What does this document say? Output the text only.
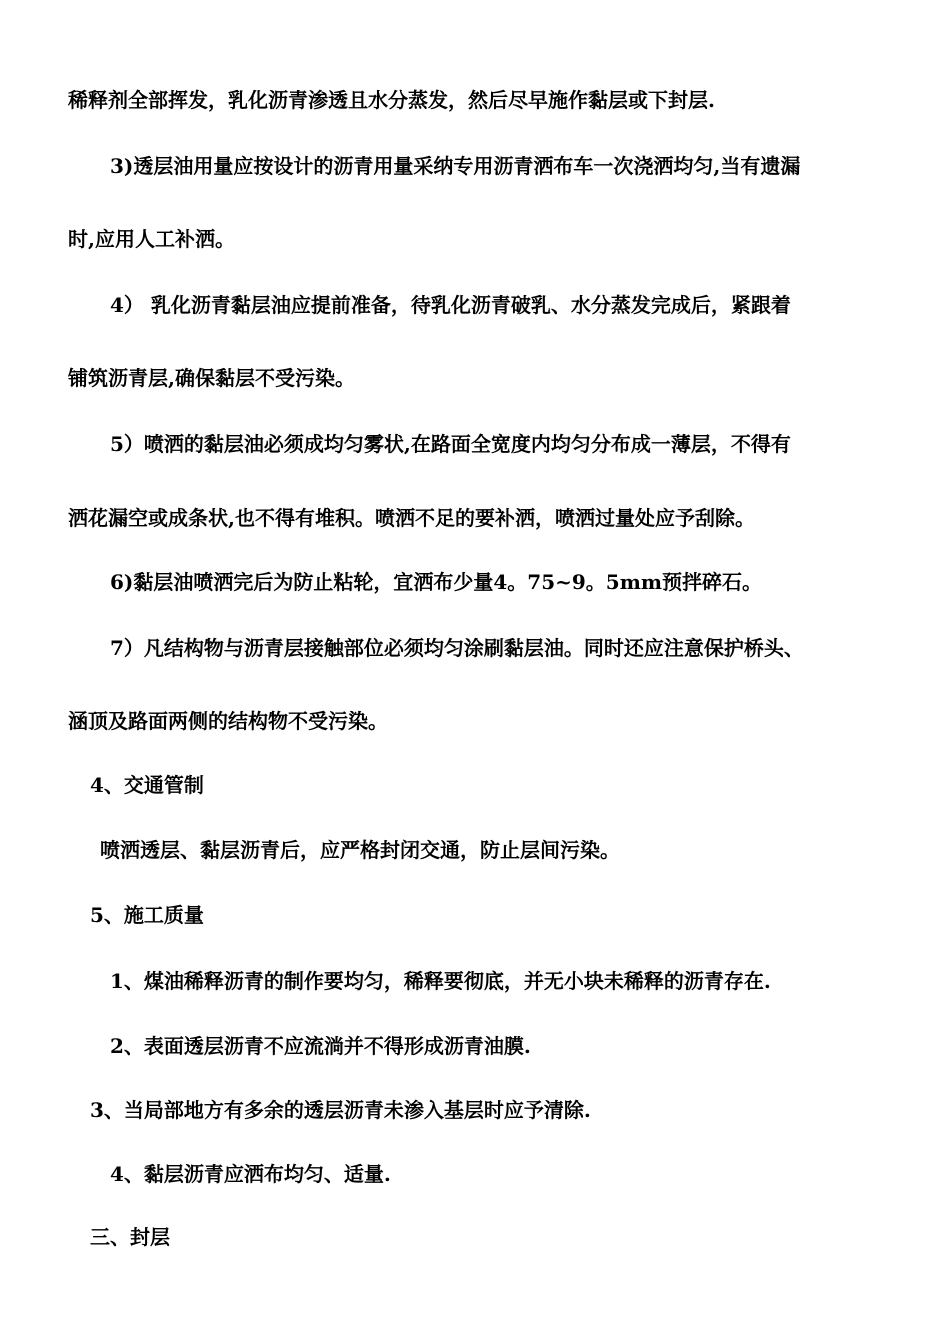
稀释剂全部挥发，乳化沥青渗透且水分蒸发，然后尽早施作黏层或下封层.
3)透层油用量应按设计的沥青用量采纳专用沥青洒布车一次浇洒均匀,当有遗漏
时,应用人工补洒。
4） 乳化沥青黏层油应提前准备，待乳化沥青破乳、水分蒸发完成后，紧跟着
铺筑沥青层,确保黏层不受污染。
5）喷洒的黏层油必须成均匀雾状,在路面全宽度内均匀分布成一薄层，不得有
洒花漏空或成条状,也不得有堆积。喷洒不足的要补洒，喷洒过量处应予刮除。
6)黏层油喷洒完后为防止粘轮，宜洒布少量4。75~9。5mm预拌碎石。
7）凡结构物与沥青层接触部位必须均匀涂刷黏层油。同时还应注意保护桥头、
涵顶及路面两侧的结构物不受污染。
4、交通管制
喷洒透层、黏层沥青后，应严格封闭交通，防止层间污染。
5、施工质量
1、煤油稀释沥青的制作要均匀，稀释要彻底，并无小块未稀释的沥青存在.
2、表面透层沥青不应流淌并不得形成沥青油膜.
3、当局部地方有多余的透层沥青未渗入基层时应予清除.
4、黏层沥青应洒布均匀、适量.
三、封层
